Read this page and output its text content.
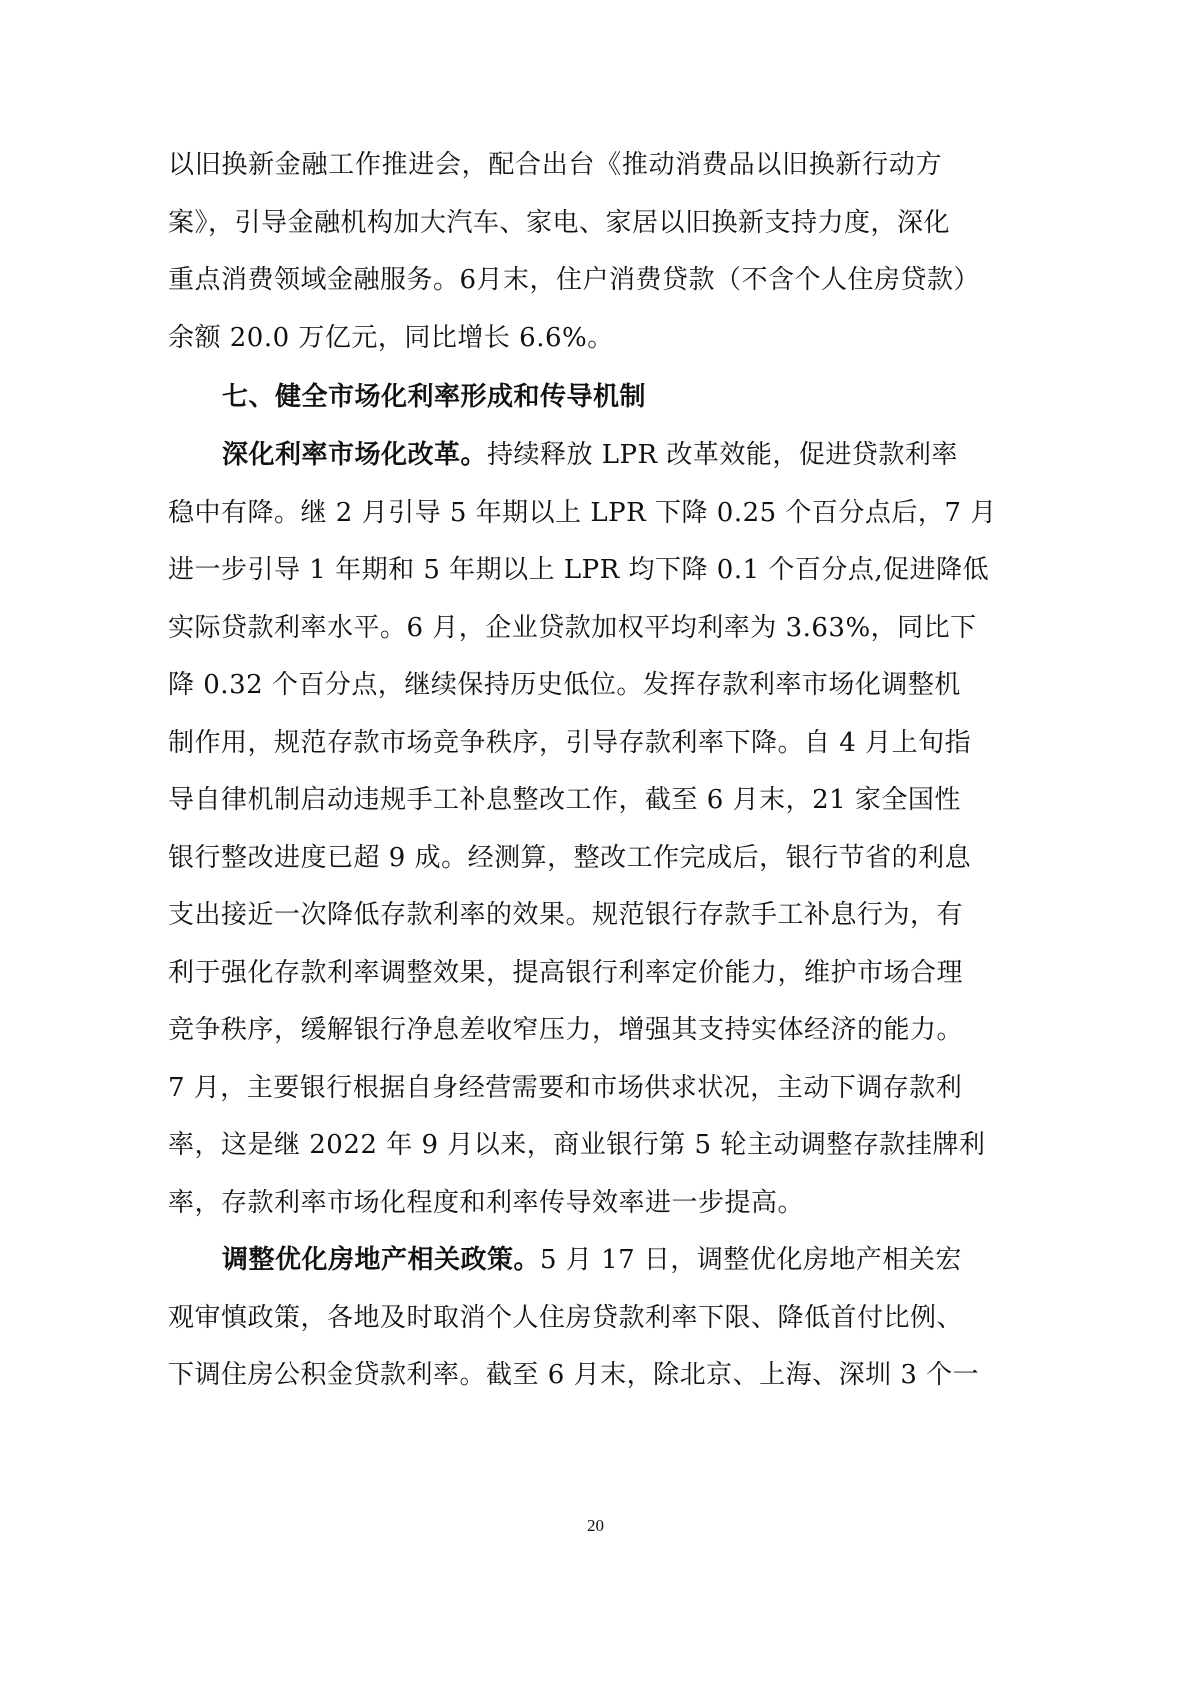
以旧换新金融工作推进会，配合出台《推动消费品以旧换新行动方
案》，引导金融机构加大汽车、家电、家居以旧换新支持力度，深化
重点消费领域金融服务。6月末，住户消费贷款（不含个人住房贷款）
余额 20.0 万亿元，同比增长 6.6%。
七、健全市场化利率形成和传导机制
深化利率市场化改革。持续释放 LPR 改革效能，促进贷款利率
稳中有降。继 2 月引导 5 年期以上 LPR 下降 0.25 个百分点后，7 月
进一步引导 1 年期和 5 年期以上 LPR 均下降 0.1 个百分点,促进降低
实际贷款利率水平。6 月，企业贷款加权平均利率为 3.63%，同比下
降 0.32 个百分点，继续保持历史低位。发挥存款利率市场化调整机
制作用，规范存款市场竞争秩序，引导存款利率下降。自 4 月上旬指
导自律机制启动违规手工补息整改工作，截至 6 月末，21 家全国性
银行整改进度已超 9 成。经测算，整改工作完成后，银行节省的利息
支出接近一次降低存款利率的效果。规范银行存款手工补息行为，有
利于强化存款利率调整效果，提高银行利率定价能力，维护市场合理
竞争秩序，缓解银行净息差收窄压力，增强其支持实体经济的能力。
7 月，主要银行根据自身经营需要和市场供求状况，主动下调存款利
率，这是继 2022 年 9 月以来，商业银行第 5 轮主动调整存款挂牌利
率，存款利率市场化程度和利率传导效率进一步提高。
调整优化房地产相关政策。5 月 17 日，调整优化房地产相关宏
观审慎政策，各地及时取消个人住房贷款利率下限、降低首付比例、
下调住房公积金贷款利率。截至 6 月末，除北京、上海、深圳 3 个一
20
